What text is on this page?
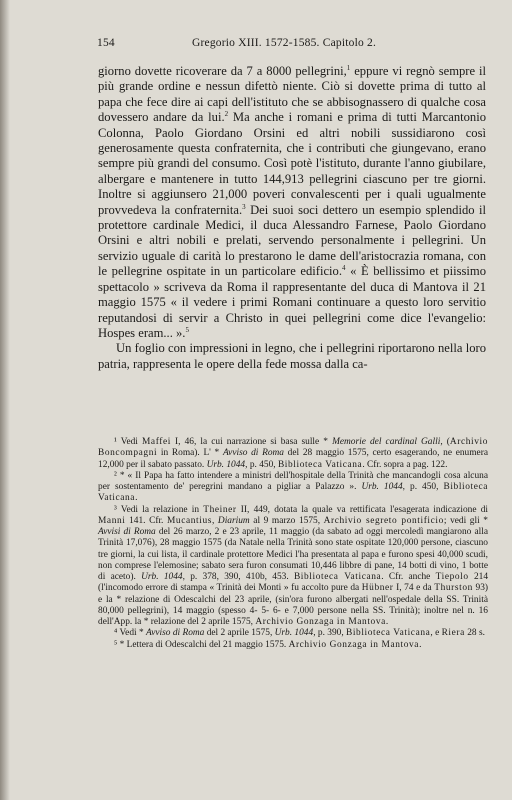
154	Gregorio XIII. 1572-1585. Capitolo 2.

giorno dovette ricoverare da 7 a 8000 pellegrini,$^1$ eppure vi regnò sempre il più grande ordine e nessun difettò niente. Ciò si dovette prima di tutto al papa che fece dire ai capi dell'istituto che se abbisognassero di qualche cosa dovessero andare da lui.$^2$ Ma anche i romani e prima di tutti Marcantonio Colonna, Paolo Giordano Orsini ed altri nobili sussidiarono così generosamente questa confraternita, che i contributi che giungevano, erano sempre più grandi del consumo. Così potè l'istituto, durante l'anno giubilare, albergare e mantenere in tutto 144,913 pellegrini ciascuno per tre giorni. Inoltre si aggiunsero 21,000 poveri convalescenti per i quali ugualmente provvedeva la confraternita.$^3$ Dei suoi soci dettero un esempio splendido il protettore cardinale Medici, il duca Alessandro Farnese, Paolo Giordano Orsini e altri nobili e prelati, servendo personalmente i pellegrini. Un servizio uguale di carità lo prestarono le dame dell'aristocrazia romana, con le pellegrine ospitate in un particolare edificio.$^4$ « È bellissimo et piissimo spettacolo » scriveva da Roma il rappresentante del duca di Mantova il 21 maggio 1575 « il vedere i primi Romani continuare a questo loro servitio reputandosi di servir a Christo in quei pellegrini come dice l'evangelio: Hospes eram... ».$^5$

Un foglio con impressioni in legno, che i pellegrini riportarono nella loro patria, rappresenta le opere della fede mossa dalla ca-

¹ Vedi Maffei I, 46, la cui narrazione si basa sulle * Memorie del cardinal Galli, (Archivio Boncompagni in Roma). L' * Avviso di Roma del 28 maggio 1575, certo esagerando, ne enumera 12,000 per il sabato passato. Urb. 1044, p. 450, Biblioteca Vaticana. Cfr. sopra a pag. 122.

² * « Il Papa ha fatto intendere a ministri dell'hospitale della Trinità che mancandogli cosa alcuna per sostentamento de' peregrini mandano a pigliar a Palazzo ». Urb. 1044, p. 450, Biblioteca Vaticana.

³ Vedi la relazione in Theiner II, 449, dotata la quale va rettificata l'esagerata indicazione di Manni 141. Cfr. Mucantius, Diarium al 9 marzo 1575, Archivio segreto pontificio; vedi gli * Avvisi di Roma del 26 marzo, 2 e 23 aprile, 11 maggio (da sabato ad oggi mercoledì mangiarono alla Trinità 17,076), 28 maggio 1575 (da Natale nella Trinità sono state ospitate 120,000 persone, ciascuno tre giorni, la cui lista, il cardinale protettore Medici l'ha presentata al papa e furono spesi 40,000 scudi, non comprese l'elemosine; sabato sera furon consumati 10,446 libbre di pane, 14 botti di vino, 1 botte di aceto). Urb. 1044, p. 378, 390, 410b, 453. Biblioteca Vaticana. Cfr. anche Tiepolo 214 (l'incomodo errore di stampa « Trinità dei Monti » fu accolto pure da Hübner I, 74 e da Thurston 93) e la * relazione di Odescalchi del 23 aprile, (sin'ora furono albergati nell'ospedale della SS. Trinità 80,000 pellegrini), 14 maggio (spesso 4- 5- 6- e 7,000 persone nella SS. Trinità); inoltre nel n. 16 dell'App. la * relazione del 2 aprile 1575, Archivio Gonzaga in Mantova.

⁴ Vedi * Avviso di Roma del 2 aprile 1575, Urb. 1044, p. 390, Biblioteca Vaticana, e Riera 28 s.

⁵ * Lettera di Odescalchi del 21 maggio 1575. Archivio Gonzaga in Mantova.
